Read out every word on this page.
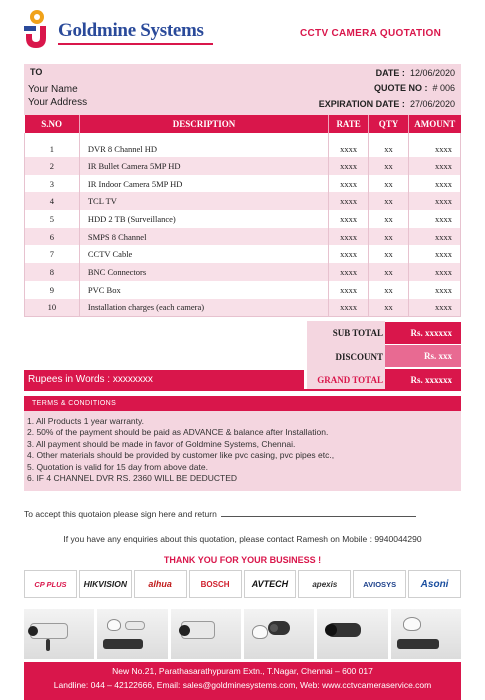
Goldmine Systems	CCTV CAMERA QUOTATION
TO
Your Name
Your Address
DATE : 12/06/2020
QUOTE NO : # 006
EXPIRATION DATE : 27/06/2020
S.NO	DESCRIPTION	RATE	QTY	AMOUNT
1	DVR 8 Channel HD	xxxx	xx	xxxx
2	IR Bullet Camera 5MP HD	xxxx	xx	xxxx
3	IR Indoor Camera 5MP HD	xxxx	xx	xxxx
4	TCL TV	xxxx	xx	xxxx
5	HDD 2 TB (Surveillance)	xxxx	xx	xxxx
6	SMPS 8 Channel	xxxx	xx	xxxx
7	CCTV Cable	xxxx	xx	xxxx
8	BNC Connectors	xxxx	xx	xxxx
9	PVC Box	xxxx	xx	xxxx
10	Installation charges (each camera)	xxxx	xx	xxxx
SUB TOTAL	Rs. xxxxxx
DISCOUNT	Rs. xxx
Rupees in Words : xxxxxxxx	GRAND TOTAL	Rs. xxxxxx
TERMS & CONDITIONS
1. All Products 1 year warranty.
2. 50% of the payment should be paid as ADVANCE & balance after Installation.
3. All payment should be made in favor of Goldmine Systems, Chennai.
4. Other materials should be provided by customer like pvc casing, pvc pipes etc.,
5. Quotation is valid for 15 day from above date.
6. IF 4 CHANNEL DVR RS. 2360 WILL BE DEDUCTED
To accept this quotaion please sign here and return
If you have any enquiries about this quotation, please contact Ramesh on Mobile : 9940044290
THANK YOU FOR YOUR BUSINESS !
CP PLUS	HIKVISION	alhua	BOSCH	AVTECH	apexis	AVIOSYS	Asoni
New No.21, Parathasarathypuram Extn., T.Nagar, Chennai – 600 017
Landline: 044 – 42122666, Email: sales@goldminesystems.com, Web: www.cctvcameraservice.com
